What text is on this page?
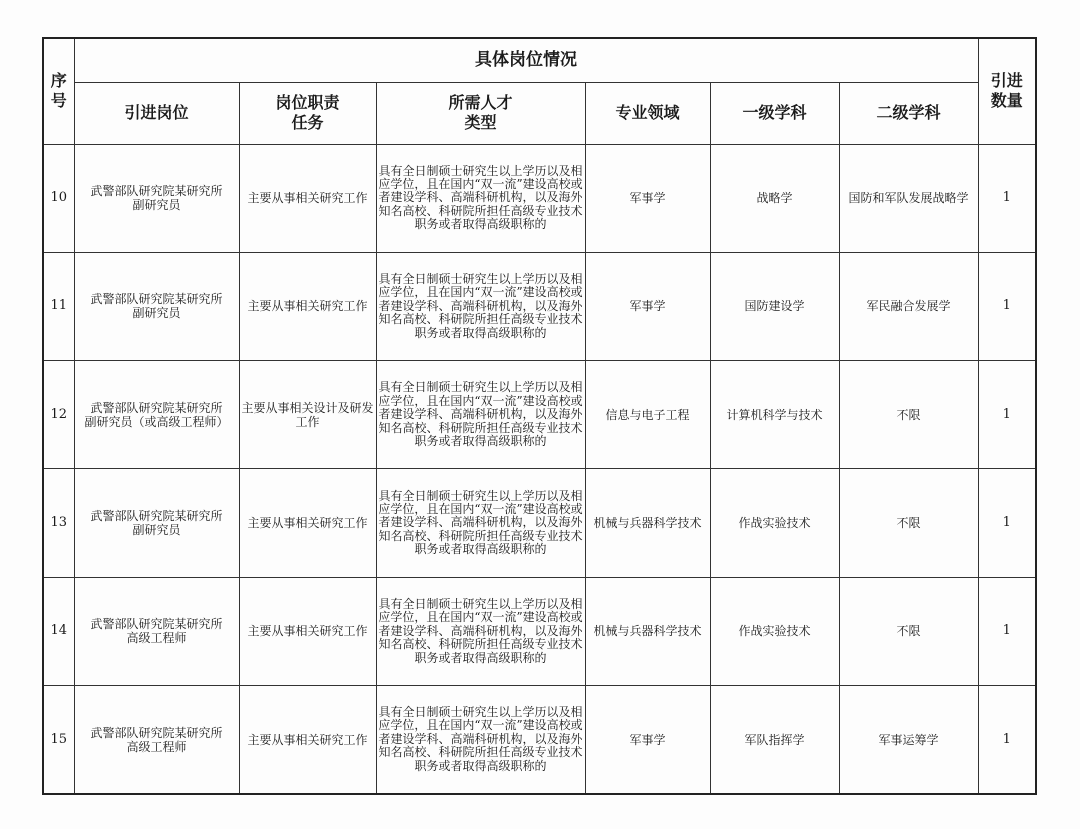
序
号	具体岗位情况						引进
数量
	引进岗位	岗位职责
任务	所需人才
类型	专业领域	一级学科	二级学科	
10	武警部队研究院某研究所
副研究员	主要从事相关研究工作	具有全日制硕士研究生以上学历以及相应学位，且在国内“双一流”建设高校或者建设学科、高端科研机构，以及海外知名高校、科研院所担任高级专业技术职务或者取得高级职称的	军事学	战略学	国防和军队发展战略学	1
11	武警部队研究院某研究所
副研究员	主要从事相关研究工作	具有全日制硕士研究生以上学历以及相应学位，且在国内“双一流”建设高校或者建设学科、高端科研机构，以及海外知名高校、科研院所担任高级专业技术职务或者取得高级职称的	军事学	国防建设学	军民融合发展学	1
12	武警部队研究院某研究所
副研究员（或高级工程师）	主要从事相关设计及研发工作	具有全日制硕士研究生以上学历以及相应学位，且在国内“双一流”建设高校或者建设学科、高端科研机构，以及海外知名高校、科研院所担任高级专业技术职务或者取得高级职称的	信息与电子工程	计算机科学与技术	不限	1
13	武警部队研究院某研究所
副研究员	主要从事相关研究工作	具有全日制硕士研究生以上学历以及相应学位，且在国内“双一流”建设高校或者建设学科、高端科研机构，以及海外知名高校、科研院所担任高级专业技术职务或者取得高级职称的	机械与兵器科学技术	作战实验技术	不限	1
14	武警部队研究院某研究所
高级工程师	主要从事相关研究工作	具有全日制硕士研究生以上学历以及相应学位，且在国内“双一流”建设高校或者建设学科、高端科研机构，以及海外知名高校、科研院所担任高级专业技术职务或者取得高级职称的	机械与兵器科学技术	作战实验技术	不限	1
15	武警部队研究院某研究所
高级工程师	主要从事相关研究工作	具有全日制硕士研究生以上学历以及相应学位，且在国内“双一流”建设高校或者建设学科、高端科研机构，以及海外知名高校、科研院所担任高级专业技术职务或者取得高级职称的	军事学	军队指挥学	军事运筹学	1
